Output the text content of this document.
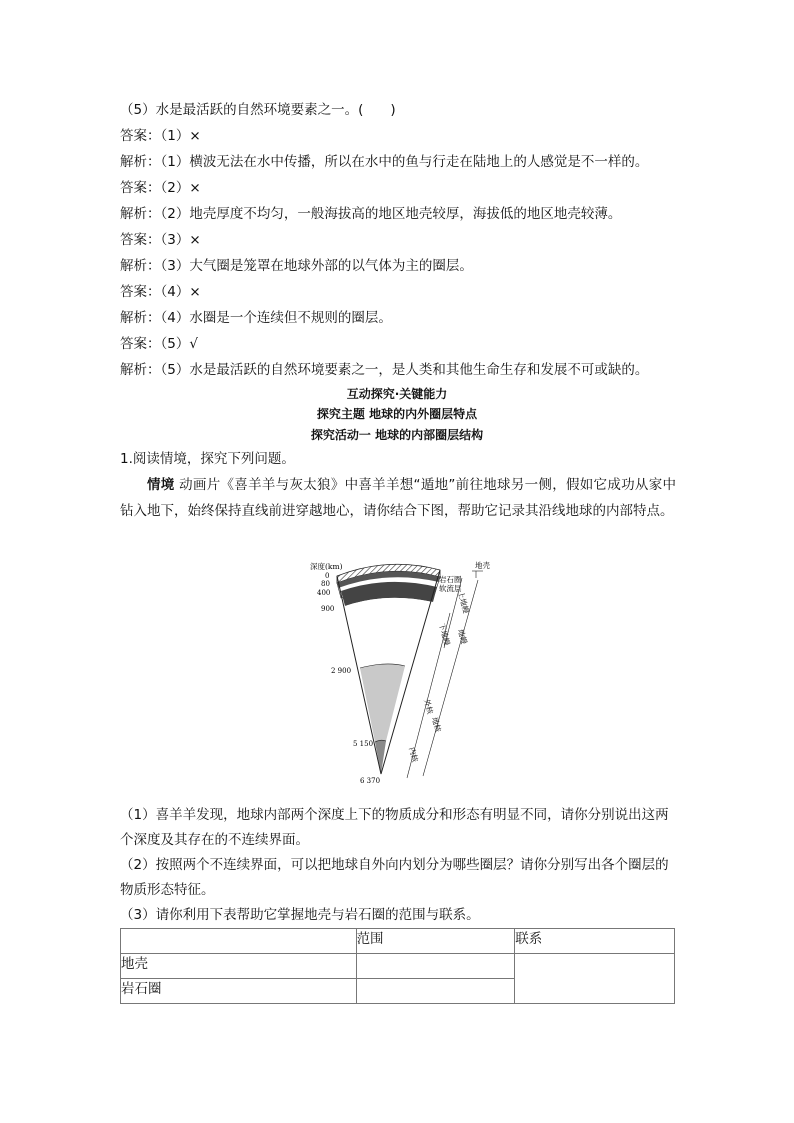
（5）水是最活跃的自然环境要素之一。(　　)
答案：（1）×
解析：（1）横波无法在水中传播，所以在水中的鱼与行走在陆地上的人感觉是不一样的。
答案：（2）×
解析：（2）地壳厚度不均匀，一般海拔高的地区地壳较厚，海拔低的地区地壳较薄。
答案：（3）×
解析：（3）大气圈是笼罩在地球外部的以气体为主的圈层。
答案：（4）×
解析：（4）水圈是一个连续但不规则的圈层。
答案：（5）√
解析：（5）水是最活跃的自然环境要素之一，是人类和其他生命生存和发展不可或缺的。
互动探究·关键能力
探究主题 地球的内外圈层特点
探究活动一 地球的内部圈层结构
1.阅读情境，探究下列问题。
情境 动画片《喜羊羊与灰太狼》中喜羊羊想“遁地”前往地球另一侧，假如它成功从家中钻入地下，始终保持直线前进穿越地心，请你结合下图，帮助它记录其沿线地球的内部特点。
深度(km)
0
80
400
900
2 900
5 150
6 370
地壳
岩石圈
软流层
上地幔
下地幔 地幔
外核
地核
内核
（1）喜羊羊发现，地球内部两个深度上下的物质成分和形态有明显不同，请你分别说出这两个深度及其存在的不连续界面。
（2）按照两个不连续界面，可以把地球自外向内划分为哪些圈层？请你分别写出各个圈层的物质形态特征。
（3）请你利用下表帮助它掌握地壳与岩石圈的范围与联系。
	范围	联系
地壳		
岩石圈		
